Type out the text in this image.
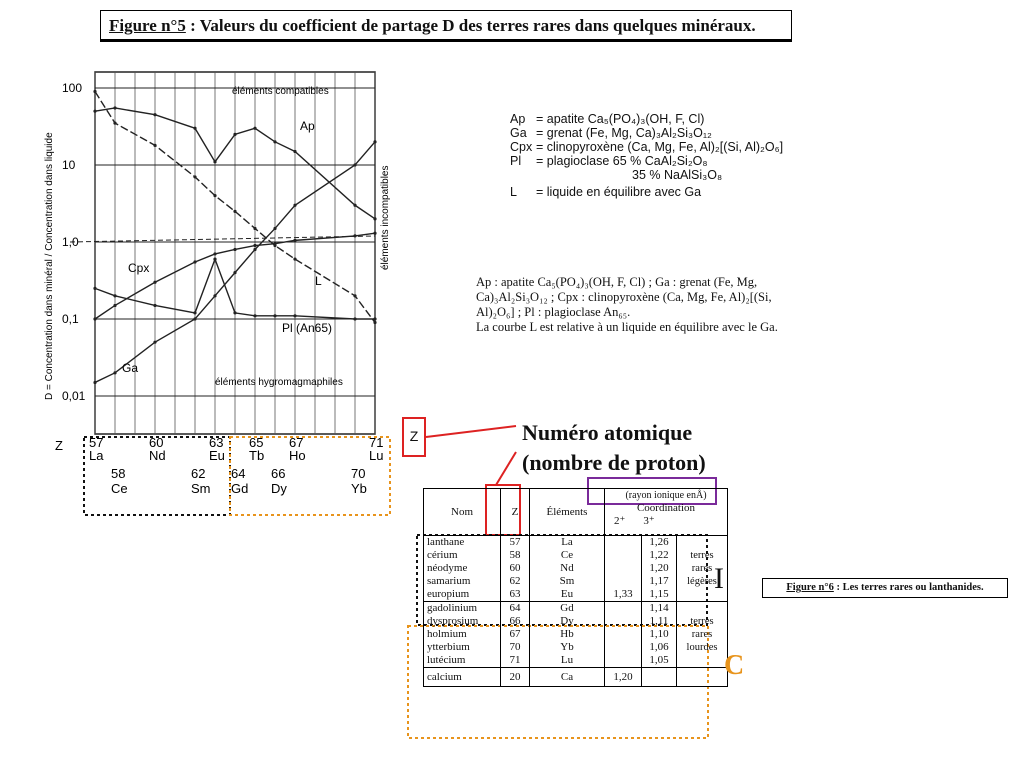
Figure n°5 : Valeurs du coefficient de partage D des terres rares dans quelques minéraux.
100
10
1,0
0,1
0,01
D = Concentration dans minéral / Concentration dans liquide	éléments incompatibles
éléments compatibles
éléments hygromagmaphiles
Z 57	60	63 65 67	71
La	Nd	Eu Tb Ho	Lu
58	62 64 66	70
Ce	Sm Gd Dy	Yb
Ap
L
Cpx
Ga
Pl (An65)
Ap = apatite Ca₅(PO₄)₃(OH, F, Cl)
Ga = grenat (Fe, Mg, Ca)₃Al₂Si₃O₁₂
Cpx = clinopyroxène (Ca, Mg, Fe, Al)₂[(Si, Al)₂O₆]
Pl = plagioclase 65 % CaAl₂Si₂O₈
35 % NaAlSi₃O₈
L = liquide en équilibre avec Ga
Ap : apatite Ca₅(PO₄)₃(OH, F, Cl) ; Ga : grenat (Fe, Mg,
Ca)₃Al₂Si₃O₁₂ ; Cpx : clinopyroxène (Ca, Mg, Fe, Al)₂[(Si,
Al)₂O₆] ; Pl : plagioclase An₆₅.
La courbe L est relative à un liquide en équilibre avec le Ga.
Z	Numéro atomique
(nombre de proton)
Nom	Z	Éléments	(rayon ionique enÅ)
Coordination
2⁺ 3⁺		

lanthane	57	La		1,26	terres rares légères
cérium	58	Ce		1,22	
néodyme	60	Nd		1,20	
samarium	62	Sm		1,17	
europium	63	Eu	1,33	1,15	
gadolinium	64	Gd		1,14	terres rares lourdes
dysprosium	66	Dy		1,11	
holmium	67	Hb		1,10	
ytterbium	70	Yb		1,06	
lutécium	71	Lu		1,05	
calcium	20	Ca	1,20		
I
C
Figure n°6 : Les terres rares ou lanthanides.
